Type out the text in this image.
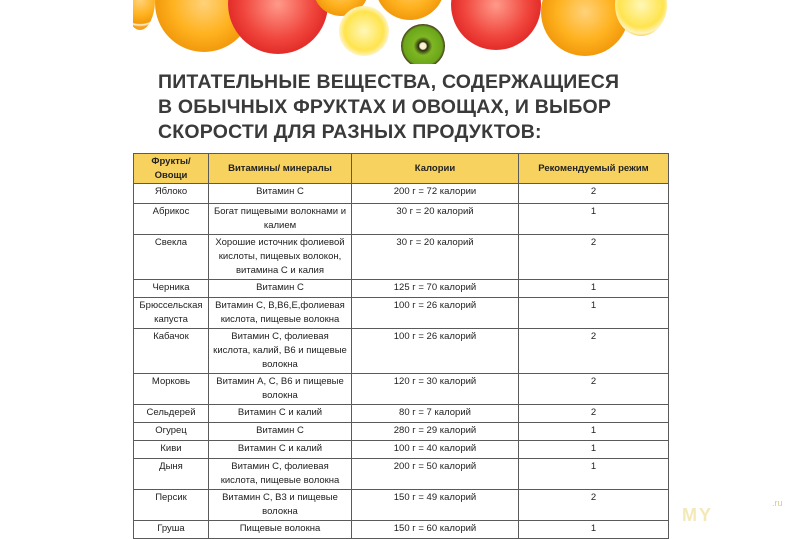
ПИТАТЕЛЬНЫЕ ВЕЩЕСТВА, СОДЕРЖАЩИЕСЯ
В ОБЫЧНЫХ ФРУКТАХ И ОВОЩАХ, И ВЫБОР
СКОРОСТИ ДЛЯ РАЗНЫХ ПРОДУКТОВ:
Фрукты/ Овощи	Витамины/ минералы	Калории	Рекомендуемый режим
Яблоко	Витамин C	200 г = 72 калории	2
Абрикос	Богат пищевыми волокнами и калием	30 г = 20 калорий	1
Свекла	Хорошие источник фолиевой кислоты, пищевых волокон, витамина С и калия	30 г = 20 калорий	2
Черника	Витамин С	125 г = 70 калорий	1
Брюссельская капуста	Витамин С, B,B6,E,фолиевая кислота, пищевые волокна	100 г = 26 калорий	1
Кабачок	Витамин С, фолиевая кислота, калий, В6 и пищевые волокна	100 г = 26 калорий	2
Морковь	Витамин A, C, B6 и пищевые волокна	120 г = 30 калорий	2
Сельдерей	Витамин С и калий	80 г = 7 калорий	2
Огурец	Витамин С	280 г = 29 калорий	1
Киви	Витамин С и калий	100 г = 40 калорий	1
Дыня	Витамин С, фолиевая кислота, пищевые волокна	200 г = 50 калорий	1
Персик	Витамин С, В3 и пищевые волокна	150 г = 49 калорий	2
Груша	Пищевые волокна	150 г = 60 калорий	1
MY
.ru
